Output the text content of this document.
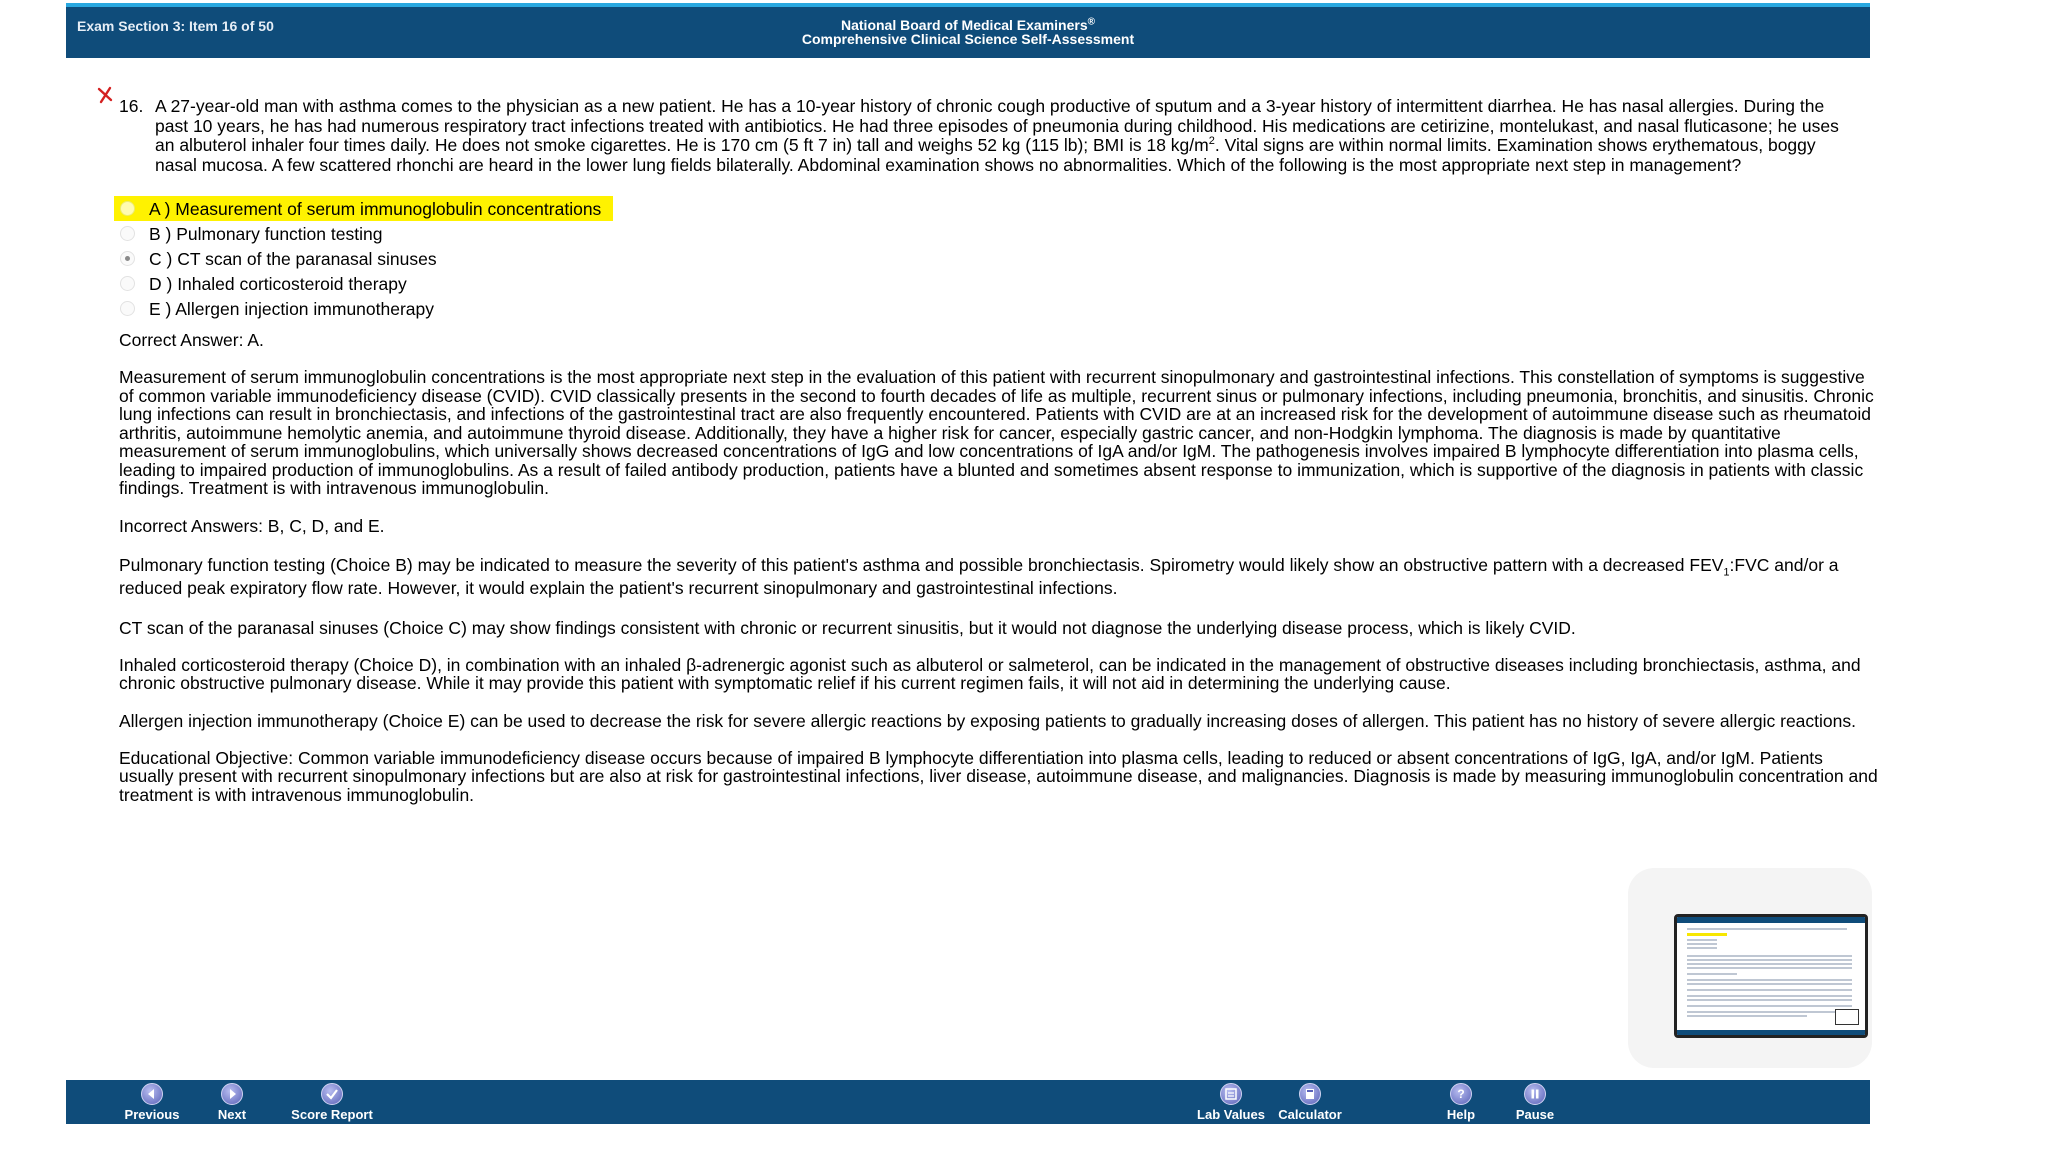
Exam Section 3: Item 16 of 50	National Board of Medical Examiners®
Comprehensive Clinical Science Self-Assessment
16. A 27-year-old man with asthma comes to the physician as a new patient. He has a 10-year history of chronic cough productive of sputum and a 3-year history of intermittent diarrhea. He has nasal allergies. During the past 10 years, he has had numerous respiratory tract infections treated with antibiotics. He had three episodes of pneumonia during childhood. His medications are cetirizine, montelukast, and nasal fluticasone; he uses an albuterol inhaler four times daily. He does not smoke cigarettes. He is 170 cm (5 ft 7 in) tall and weighs 52 kg (115 lb); BMI is 18 $kg/m^2$. Vital signs are within normal limits. Examination shows erythematous, boggy nasal mucosa. A few scattered rhonchi are heard in the lower lung fields bilaterally. Abdominal examination shows no abnormalities. Which of the following is the most appropriate next step in management?
A ) Measurement of serum immunoglobulin concentrations
B ) Pulmonary function testing
C ) CT scan of the paranasal sinuses
D ) Inhaled corticosteroid therapy
E ) Allergen injection immunotherapy

Correct Answer: A.

Measurement of serum immunoglobulin concentrations is the most appropriate next step in the evaluation of this patient with recurrent sinopulmonary and gastrointestinal infections. This constellation of symptoms is suggestive of common variable immunodeficiency disease (CVID). CVID classically presents in the second to fourth decades of life as multiple, recurrent sinus or pulmonary infections, including pneumonia, bronchitis, and sinusitis. Chronic lung infections can result in bronchiectasis, and infections of the gastrointestinal tract are also frequently encountered. Patients with CVID are at an increased risk for the development of autoimmune disease such as rheumatoid arthritis, autoimmune hemolytic anemia, and autoimmune thyroid disease. Additionally, they have a higher risk for cancer, especially gastric cancer, and non-Hodgkin lymphoma. The diagnosis is made by quantitative measurement of serum immunoglobulins, which universally shows decreased concentrations of IgG and low concentrations of IgA and/or IgM. The pathogenesis involves impaired B lymphocyte differentiation into plasma cells, leading to impaired production of immunoglobulins. As a result of failed antibody production, patients have a blunted and sometimes absent response to immunization, which is supportive of the diagnosis in patients with classic findings. Treatment is with intravenous immunoglobulin.

Incorrect Answers: B, C, D, and E.

Pulmonary function testing (Choice B) may be indicated to measure the severity of this patient's asthma and possible bronchiectasis. Spirometry would likely show an obstructive pattern with a decreased $FEV_1:FVC$ and/or a reduced peak expiratory flow rate. However, it would explain the patient's recurrent sinopulmonary and gastrointestinal infections.

CT scan of the paranasal sinuses (Choice C) may show findings consistent with chronic or recurrent sinusitis, but it would not diagnose the underlying disease process, which is likely CVID.

Inhaled corticosteroid therapy (Choice D), in combination with an inhaled β-adrenergic agonist such as albuterol or salmeterol, can be indicated in the management of obstructive diseases including bronchiectasis, asthma, and chronic obstructive pulmonary disease. While it may provide this patient with symptomatic relief if his current regimen fails, it will not aid in determining the underlying cause.

Allergen injection immunotherapy (Choice E) can be used to decrease the risk for severe allergic reactions by exposing patients to gradually increasing doses of allergen. This patient has no history of severe allergic reactions.

Educational Objective: Common variable immunodeficiency disease occurs because of impaired B lymphocyte differentiation into plasma cells, leading to reduced or absent concentrations of IgG, IgA, and/or IgM. Patients usually present with recurrent sinopulmonary infections but are also at risk for gastrointestinal infections, liver disease, autoimmune disease, and malignancies. Diagnosis is made by measuring immunoglobulin concentration and treatment is with intravenous immunoglobulin.

Previous	Next	Score Report	Lab Values	Calculator
?
Help	Pause
